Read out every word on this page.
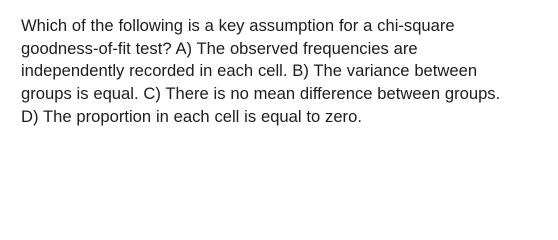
Which of the following is a key assumption for a chi-square
goodness-of-fit test? A) The observed frequencies are
independently recorded in each cell. B) The variance between
groups is equal. C) There is no mean difference between groups.
D) The proportion in each cell is equal to zero.
